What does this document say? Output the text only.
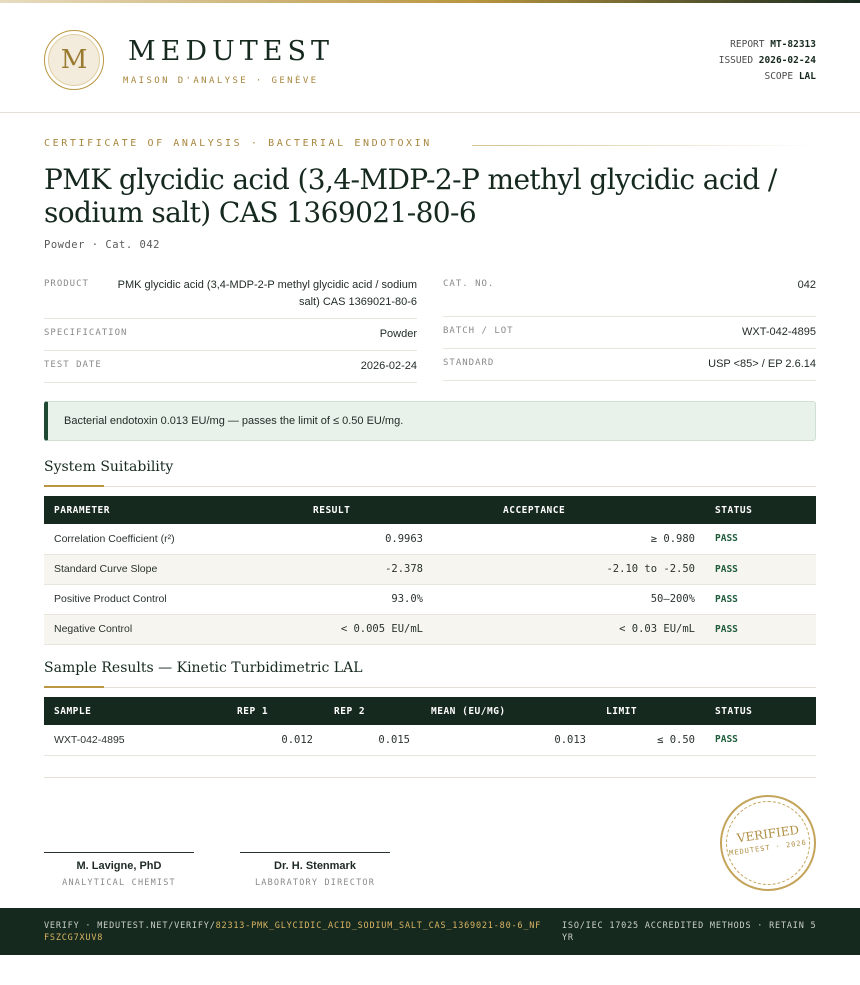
M	MEDUTEST
MAISON D'ANALYSE · GENÈVE
REPORT MT-82313
ISSUED 2026-02-24
SCOPE LAL
CERTIFICATE OF ANALYSIS · BACTERIAL ENDOTOXIN
PMK glycidic acid (3,4-MDP-2-P methyl glycidic acid / sodium salt) CAS 1369021-80-6
Powder · Cat. 042
PRODUCT	PMK glycidic acid (3,4-MDP-2-P methyl glycidic acid / sodium salt) CAS 1369021-80-6
SPECIFICATION	Powder
TEST DATE	2026-02-24
CAT. NO.	042
BATCH / LOT	WXT-042-4895
STANDARD	USP <85> / EP 2.6.14
Bacterial endotoxin 0.013 EU/mg — passes the limit of ≤ 0.50 EU/mg.
System Suitability
PARAMETER	RESULT	ACCEPTANCE	STATUS
Correlation Coefficient (r²)	0.9963	≥ 0.980	PASS
Standard Curve Slope	-2.378	-2.10 to -2.50	PASS
Positive Product Control	93.0%	50–200%	PASS
Negative Control	< 0.005 EU/mL	< 0.03 EU/mL	PASS
Sample Results — Kinetic Turbidimetric LAL
SAMPLE	REP 1	REP 2	MEAN (EU/MG)	LIMIT	STATUS
WXT-042-4895	0.012	0.015	0.013	≤ 0.50	PASS
M. Lavigne, PhD
ANALYTICAL CHEMIST
Dr. H. Stenmark
LABORATORY DIRECTOR
VERIFIED
MEDUTEST · 2026
VERIFY · MEDUTEST.NET/VERIFY/82313-PMK_GLYCIDIC_ACID_SODIUM_SALT_CAS_1369021-80-6_NFFSZCG7XUV8
ISO/IEC 17025 ACCREDITED METHODS · RETAIN 5 YR
